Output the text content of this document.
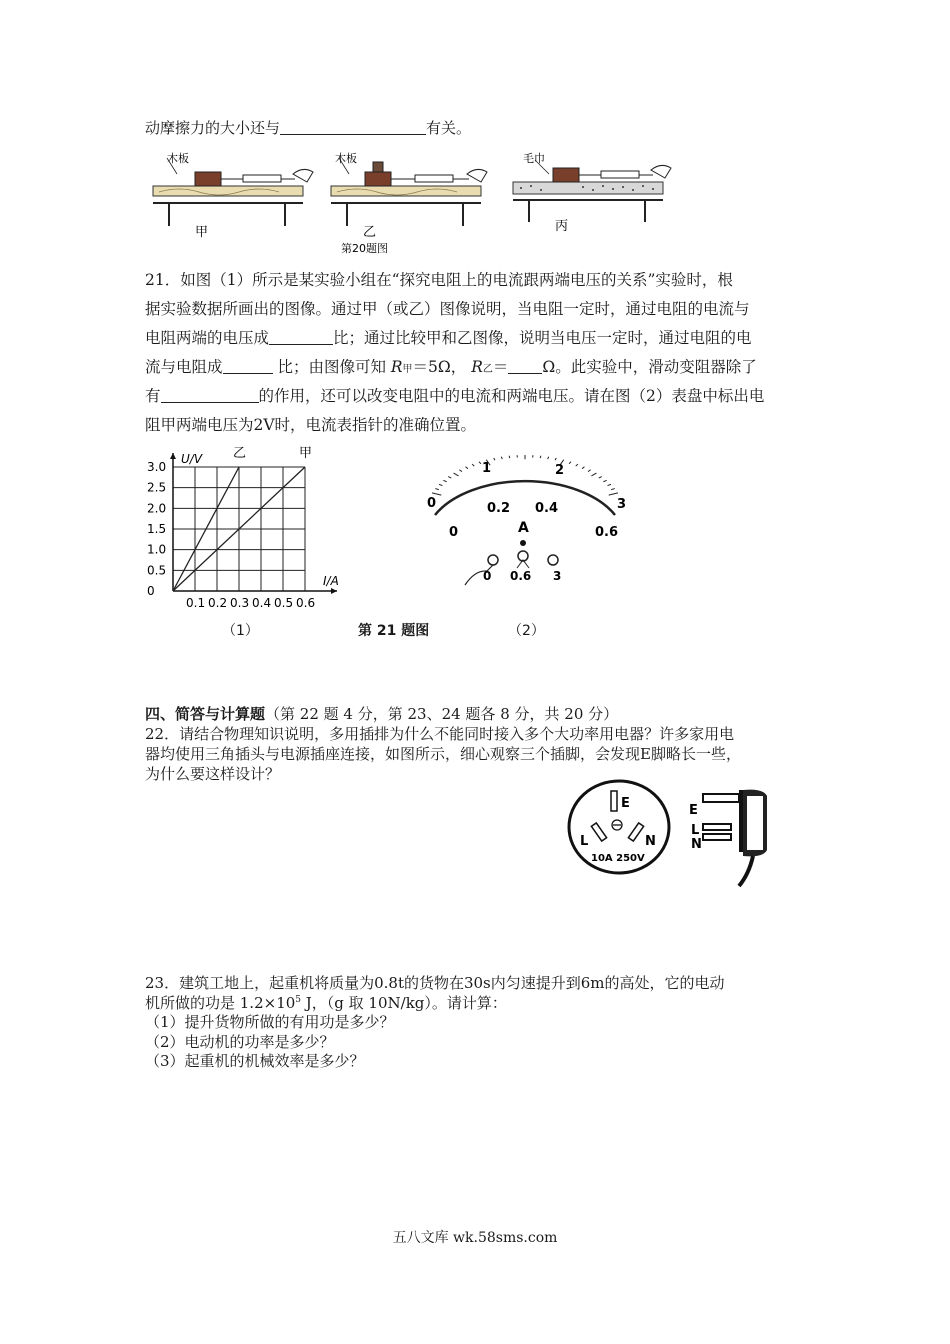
动摩擦力的大小还与	有关。
木板
甲
木板
乙
第20题图
毛巾
丙
21．如图（1）所示是某实验小组在“探究电阻上的电流跟两端电压的关系”实验时，根
据实验数据所画出的图像。通过甲（或乙）图像说明，当电阻一定时，通过电阻的电流与
电阻两端的电压成	比；通过比较甲和乙图像，说明当电压一定时，通过电阻的电
流与电阻成	比；由图像可知 R甲＝5Ω， R乙＝ Ω。此实验中，滑动变阻器除了
有	的作用，还可以改变电阻中的电流和两端电压。请在图（2）表盘中标出电
阻甲两端电压为2V时，电流表指针的准确位置。
0.1 0.2 0.3 0.4 0.5 0.6
0
0.5
1.0
1.5
2.0
2.5
3.0
U/V
I/A
乙	甲
0
1	2
3
0
0.2 0.4
0.6
A
0 0.6 3
（1）	第 21 题图	（2）
四、简答与计算题（第 22 题 4 分，第 23、24 题各 8 分，共 20 分）
22．请结合物理知识说明，多用插排为什么不能同时接入多个大功率用电器？许多家用电
器均使用三角插头与电源插座连接，如图所示，细心观察三个插脚，会发现E脚略长一些，
为什么要这样设计？
E
L	N
10A 250V
E
L
N
23．建筑工地上，起重机将质量为0.8t的货物在30s内匀速提升到6m的高处，它的电动
机所做的功是 $1.2\times 10^5$ J，（g 取 10N/kg）。请计算：
（1）提升货物所做的有用功是多少？
（2）电动机的功率是多少？
（3）起重机的机械效率是多少？
五八文库 wk.58sms.com
